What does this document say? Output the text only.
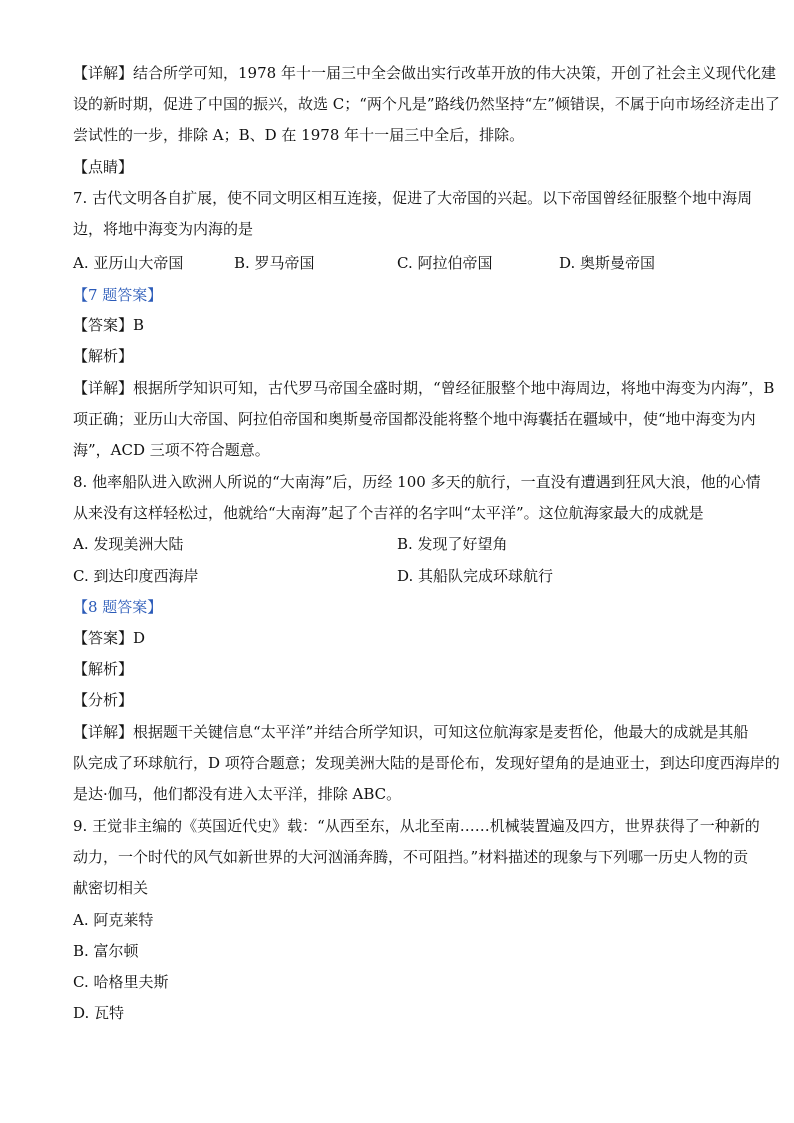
【详解】结合所学可知，1978 年十一届三中全会做出实行改革开放的伟大决策，开创了社会主义现代化建
设的新时期，促进了中国的振兴，故选 C；“两个凡是”路线仍然坚持“左”倾错误，不属于向市场经济走出了
尝试性的一步，排除 A；B、D 在 1978 年十一届三中全后，排除。
【点睛】
7. 古代文明各自扩展，使不同文明区相互连接，促进了大帝国的兴起。以下帝国曾经征服整个地中海周
边，将地中海变为内海的是
A. 亚历山大帝国	B. 罗马帝国	C. 阿拉伯帝国	D. 奥斯曼帝国
【7 题答案】
【答案】B
【解析】
【详解】根据所学知识可知，古代罗马帝国全盛时期，“曾经征服整个地中海周边，将地中海变为内海”，B
项正确；亚历山大帝国、阿拉伯帝国和奥斯曼帝国都没能将整个地中海囊括在疆域中，使“地中海变为内
海”，ACD 三项不符合题意。
8. 他率船队进入欧洲人所说的“大南海”后，历经 100 多天的航行，一直没有遭遇到狂风大浪，他的心情
从来没有这样轻松过，他就给“大南海”起了个吉祥的名字叫“太平洋”。这位航海家最大的成就是
A. 发现美洲大陆	B. 发现了好望角
C. 到达印度西海岸	D. 其船队完成环球航行
【8 题答案】
【答案】D
【解析】
【分析】
【详解】根据题干关键信息“太平洋”并结合所学知识，可知这位航海家是麦哲伦，他最大的成就是其船
队完成了环球航行，D 项符合题意；发现美洲大陆的是哥伦布，发现好望角的是迪亚士，到达印度西海岸的
是达·伽马，他们都没有进入太平洋，排除 ABC。
9. 王觉非主编的《英国近代史》载：“从西至东，从北至南……机械装置遍及四方，世界获得了一种新的
动力，一个时代的风气如新世界的大河汹涌奔腾，不可阻挡。”材料描述的现象与下列哪一历史人物的贡
献密切相关
A. 阿克莱特
B. 富尔顿
C. 哈格里夫斯
D. 瓦特
